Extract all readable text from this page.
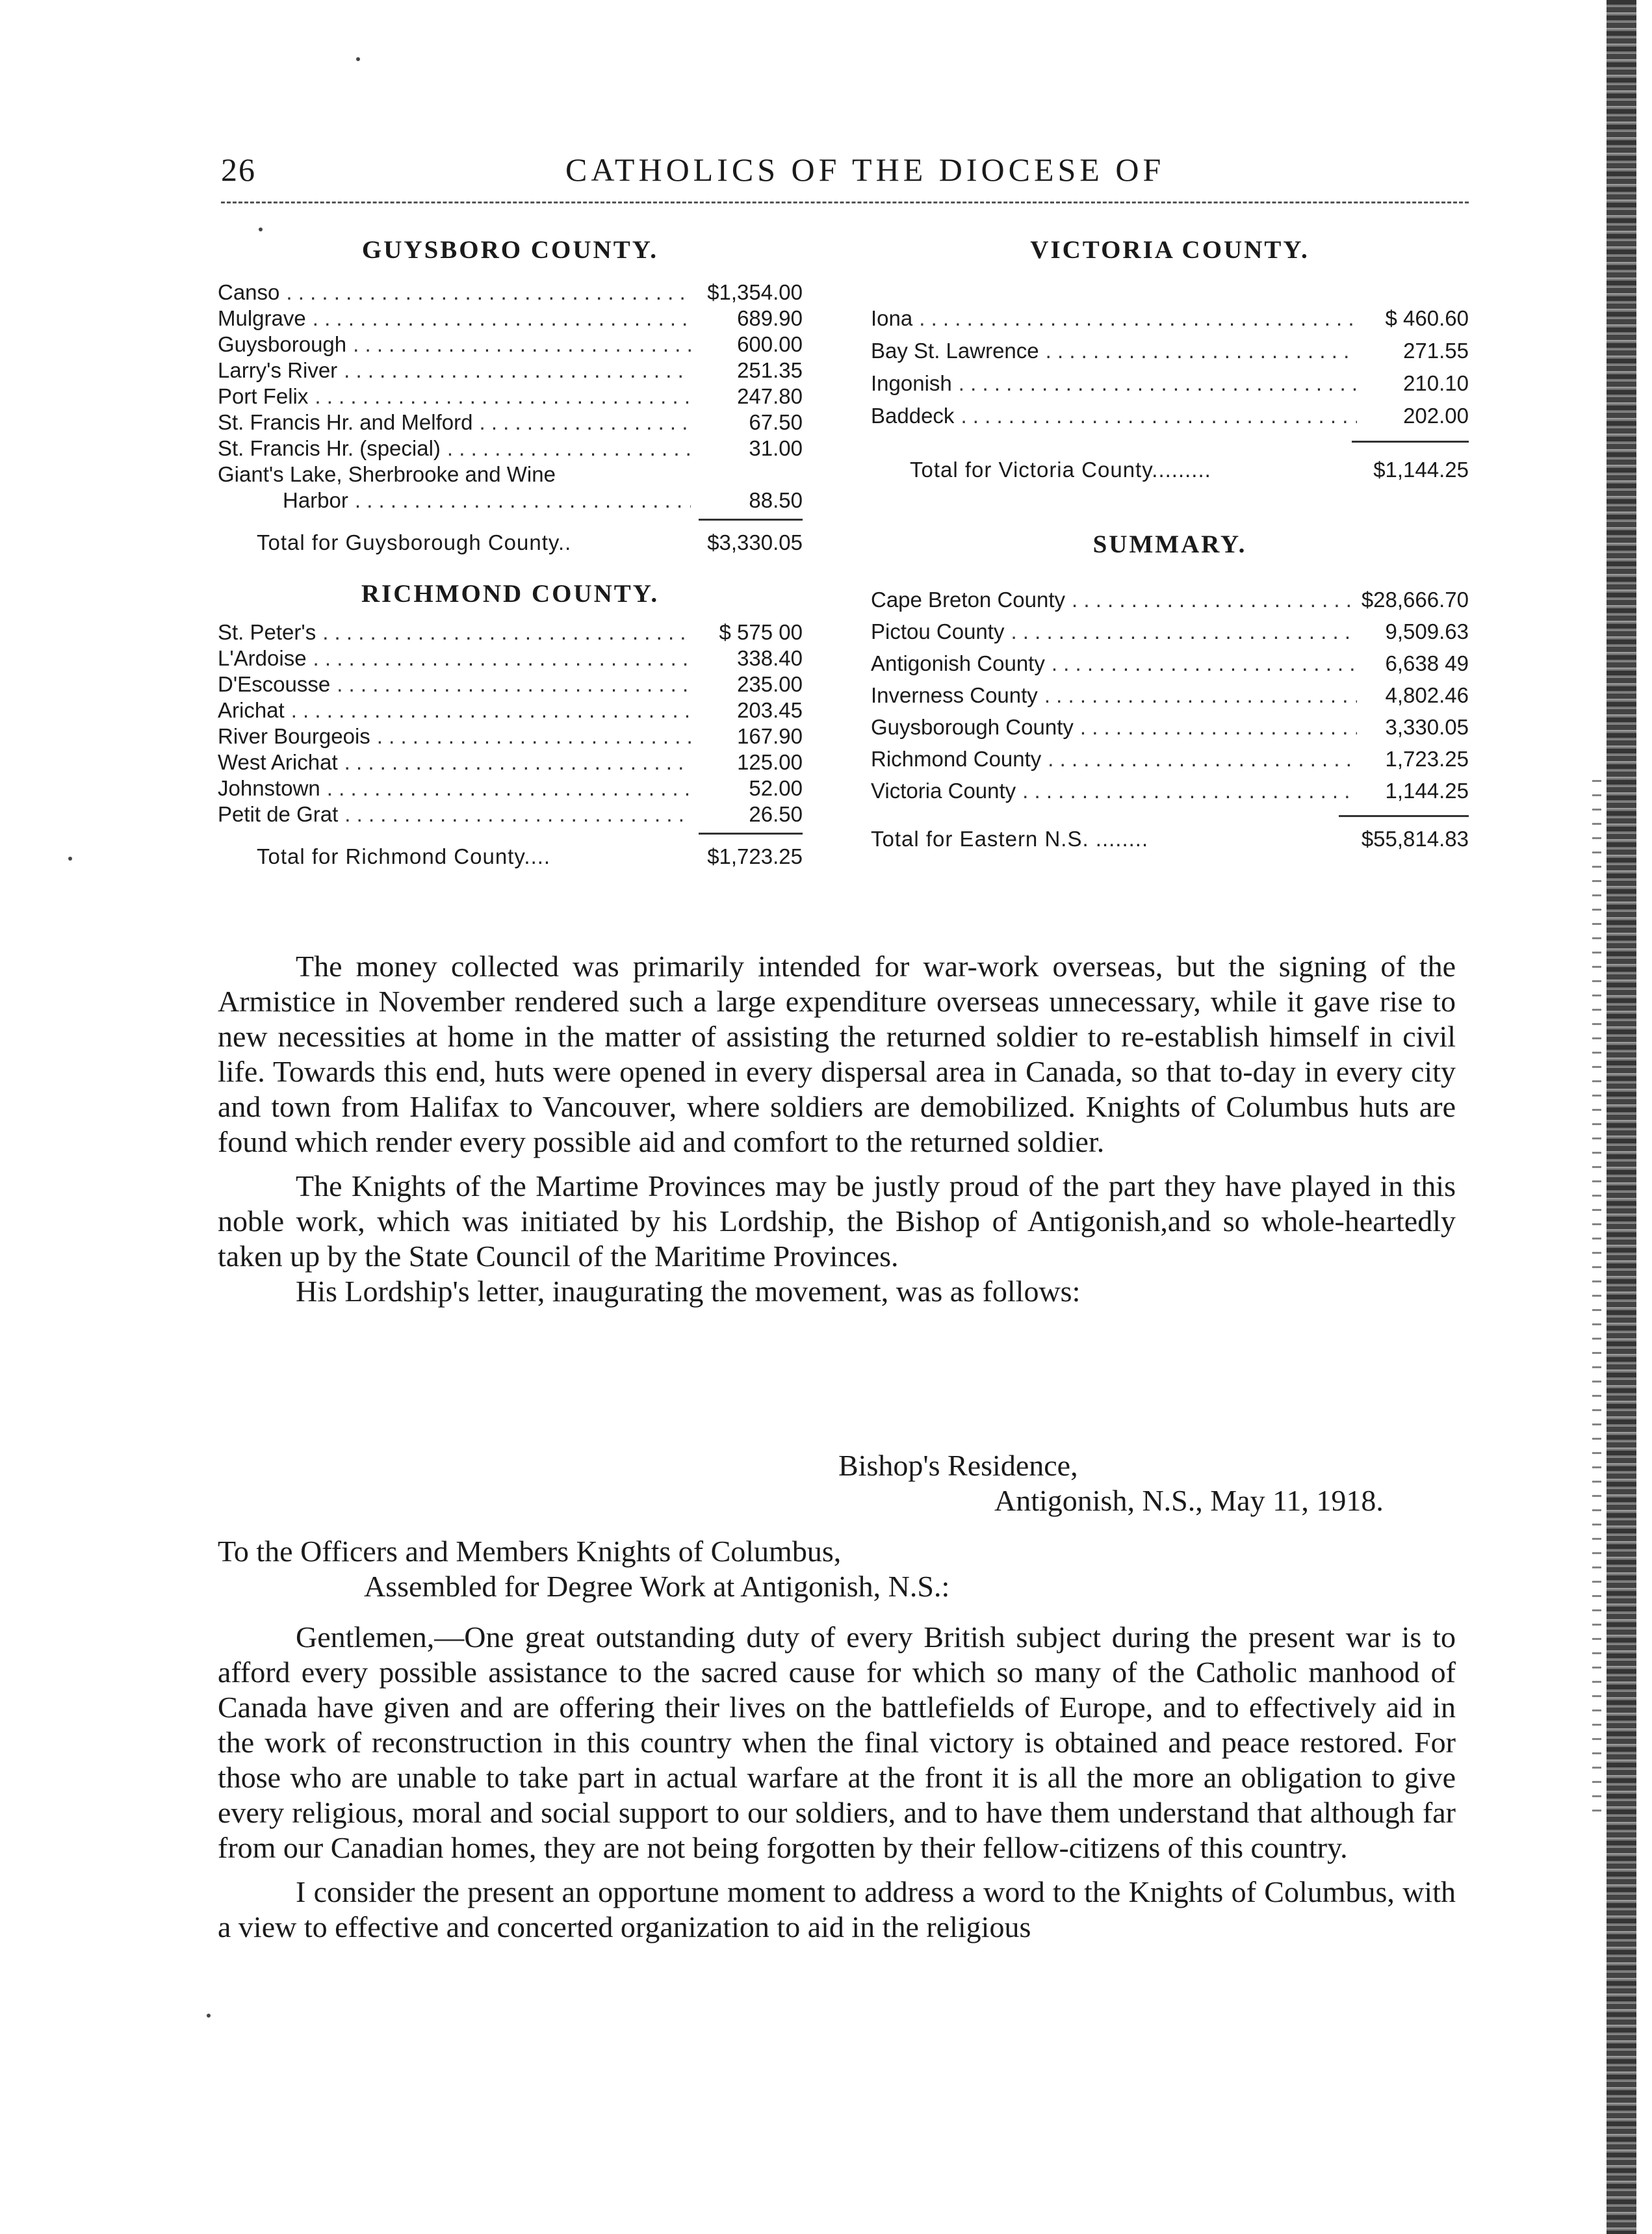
26	CATHOLICS OF THE DIOCESE OF
GUYSBORO COUNTY.
Canso . . .	$1,354.00
Mulgrave . . .	689.90
Guysborough . . .	600.00
Larry's River . . .	251.35
Port Felix . . .	247.80
St. Francis Hr. and Melford . . .	67.50
St. Francis Hr. (special) . . .	31.00
Giant's Lake, Sherbrooke and Wine
Harbor . . .	88.50
Total for Guysborough County..	$3,330.05
RICHMOND COUNTY.
St. Peter's . . .	$ 575 00
L'Ardoise . . .	338.40
D'Escousse . . .	235.00
Arichat . . .	203.45
River Bourgeois . . .	167.90
West Arichat . . .	125.00
Johnstown . . .	52.00
Petit de Grat . . .	26.50
Total for Richmond County....	$1,723.25
VICTORIA COUNTY.
Iona . . .	$ 460.60
Bay St. Lawrence . . .	271.55
Ingonish . . .	210.10
Baddeck . . .	202.00
Total for Victoria County.........	$1,144.25
SUMMARY.
Cape Breton County . . .	$28,666.70
Pictou County . . .	9,509.63
Antigonish County . . .	6,638 49
Inverness County . . .	4,802.46
Guysborough County . . .	3,330.05
Richmond County . . .	1,723.25
Victoria County . . .	1,144.25
Total for Eastern N.S. ........	$55,814.83

The money collected was primarily intended for war-work overseas, but the signing of the Armistice in November rendered such a large expenditure overseas unnecessary, while it gave rise to new necessities at home in the matter of assisting the returned soldier to re-establish himself in civil life. Towards this end, huts were opened in every dispersal area in Canada, so that to-day in every city and town from Halifax to Vancouver, where soldiers are demobilized. Knights of Columbus huts are found which render every possible aid and comfort to the returned soldier.

The Knights of the Martime Provinces may be justly proud of the part they have played in this noble work, which was initiated by his Lordship, the Bishop of Antigonish,and so whole-heartedly taken up by the State Council of the Maritime Provinces.

His Lordship's letter, inaugurating the movement, was as follows:

Bishop's Residence,
Antigonish, N.S., May 11, 1918.
To the Officers and Members Knights of Columbus,
Assembled for Degree Work at Antigonish, N.S.:

Gentlemen,—One great outstanding duty of every British subject during the present war is to afford every possible assistance to the sacred cause for which so many of the Catholic manhood of Canada have given and are offering their lives on the battlefields of Europe, and to effectively aid in the work of reconstruction in this country when the final victory is obtained and peace restored. For those who are unable to take part in actual warfare at the front it is all the more an obligation to give every religious, moral and social support to our soldiers, and to have them understand that although far from our Canadian homes, they are not being forgotten by their fellow-citizens of this country.

I consider the present an opportune moment to address a word to the Knights of Columbus, with a view to effective and concerted organization to aid in the religious
